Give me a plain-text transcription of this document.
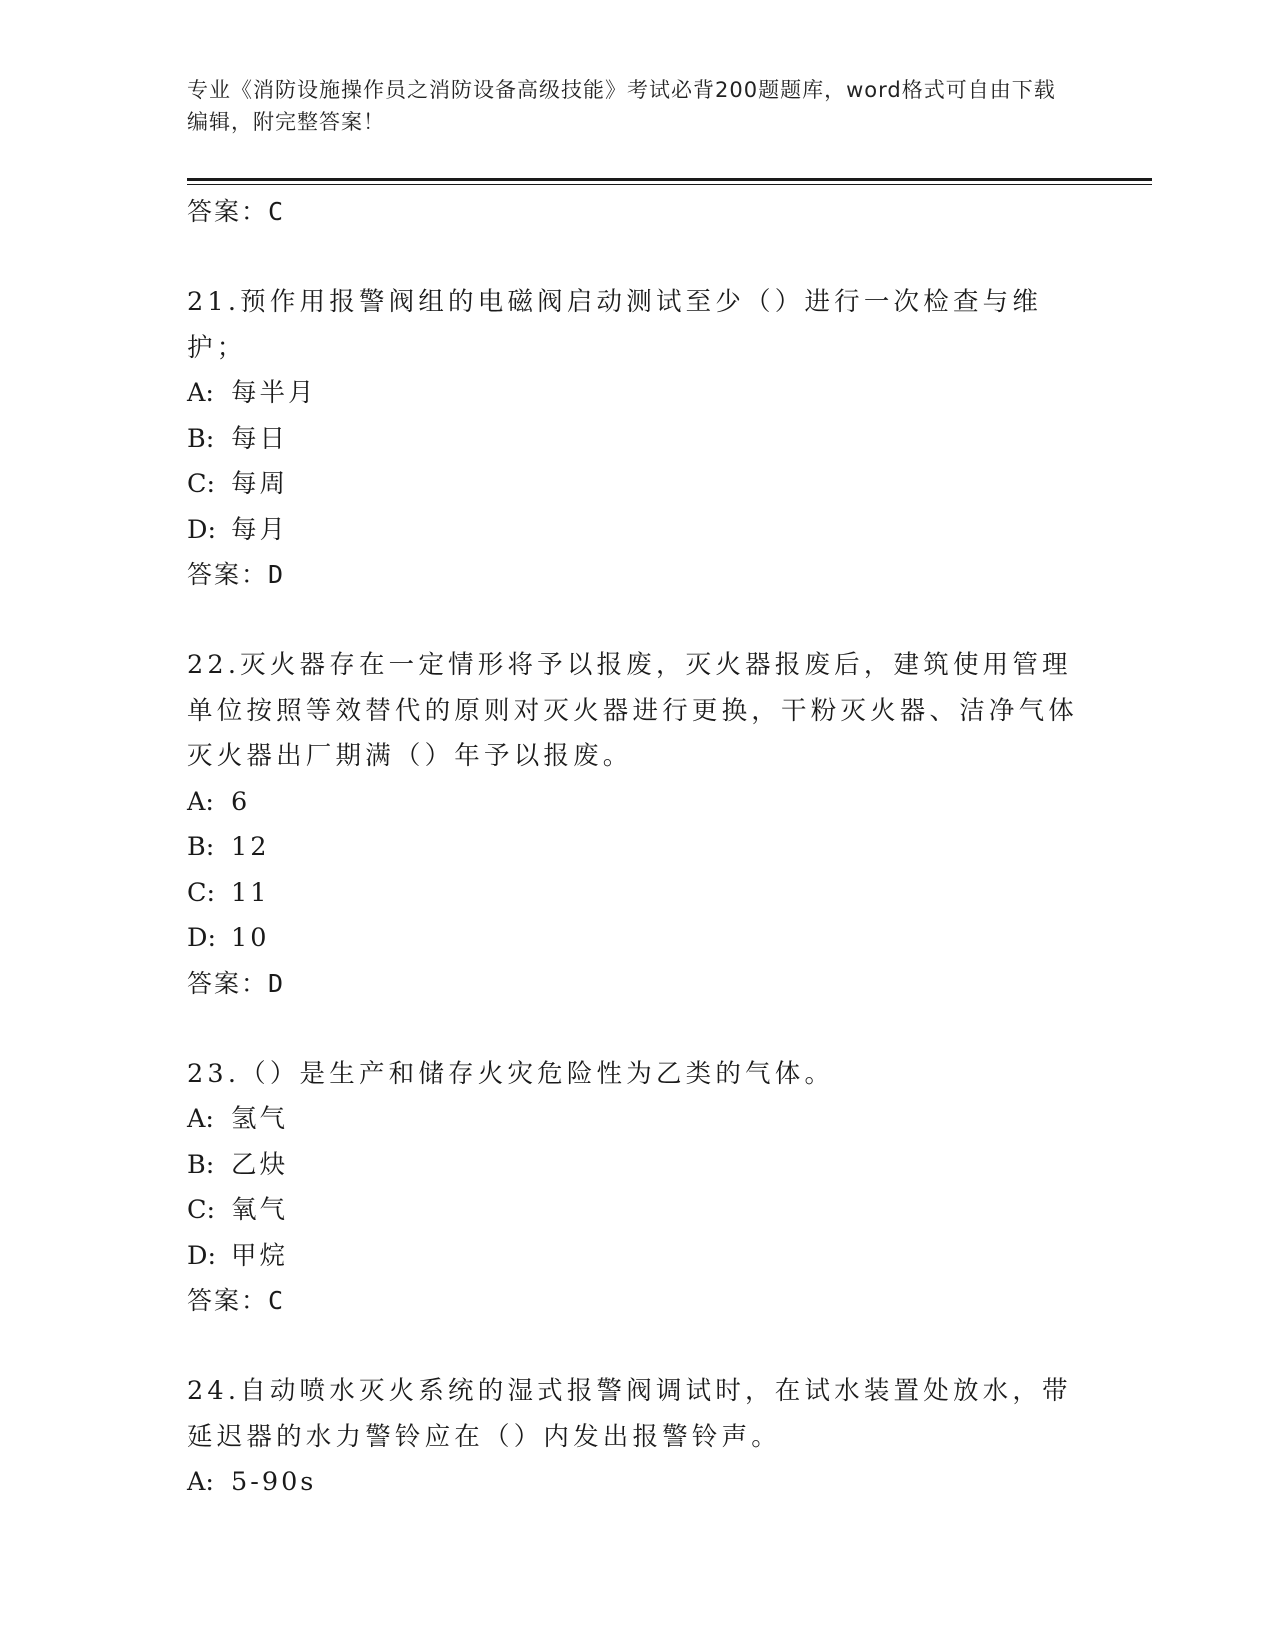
专业《消防设施操作员之消防设备高级技能》考试必背200题题库，word格式可自由下载编辑，附完整答案！
答案：C
21.预作用报警阀组的电磁阀启动测试至少（）进行一次检查与维护；
A: 每半月
B: 每日
C: 每周
D: 每月
答案：D
22.灭火器存在一定情形将予以报废，灭火器报废后，建筑使用管理单位按照等效替代的原则对灭火器进行更换，干粉灭火器、洁净气体灭火器出厂期满（）年予以报废。
A: 6
B: 12
C: 11
D: 10
答案：D
23.（）是生产和储存火灾危险性为乙类的气体。
A: 氢气
B: 乙炔
C: 氧气
D: 甲烷
答案：C
24.自动喷水灭火系统的湿式报警阀调试时，在试水装置处放水，带延迟器的水力警铃应在（）内发出报警铃声。
A: 5-90s
